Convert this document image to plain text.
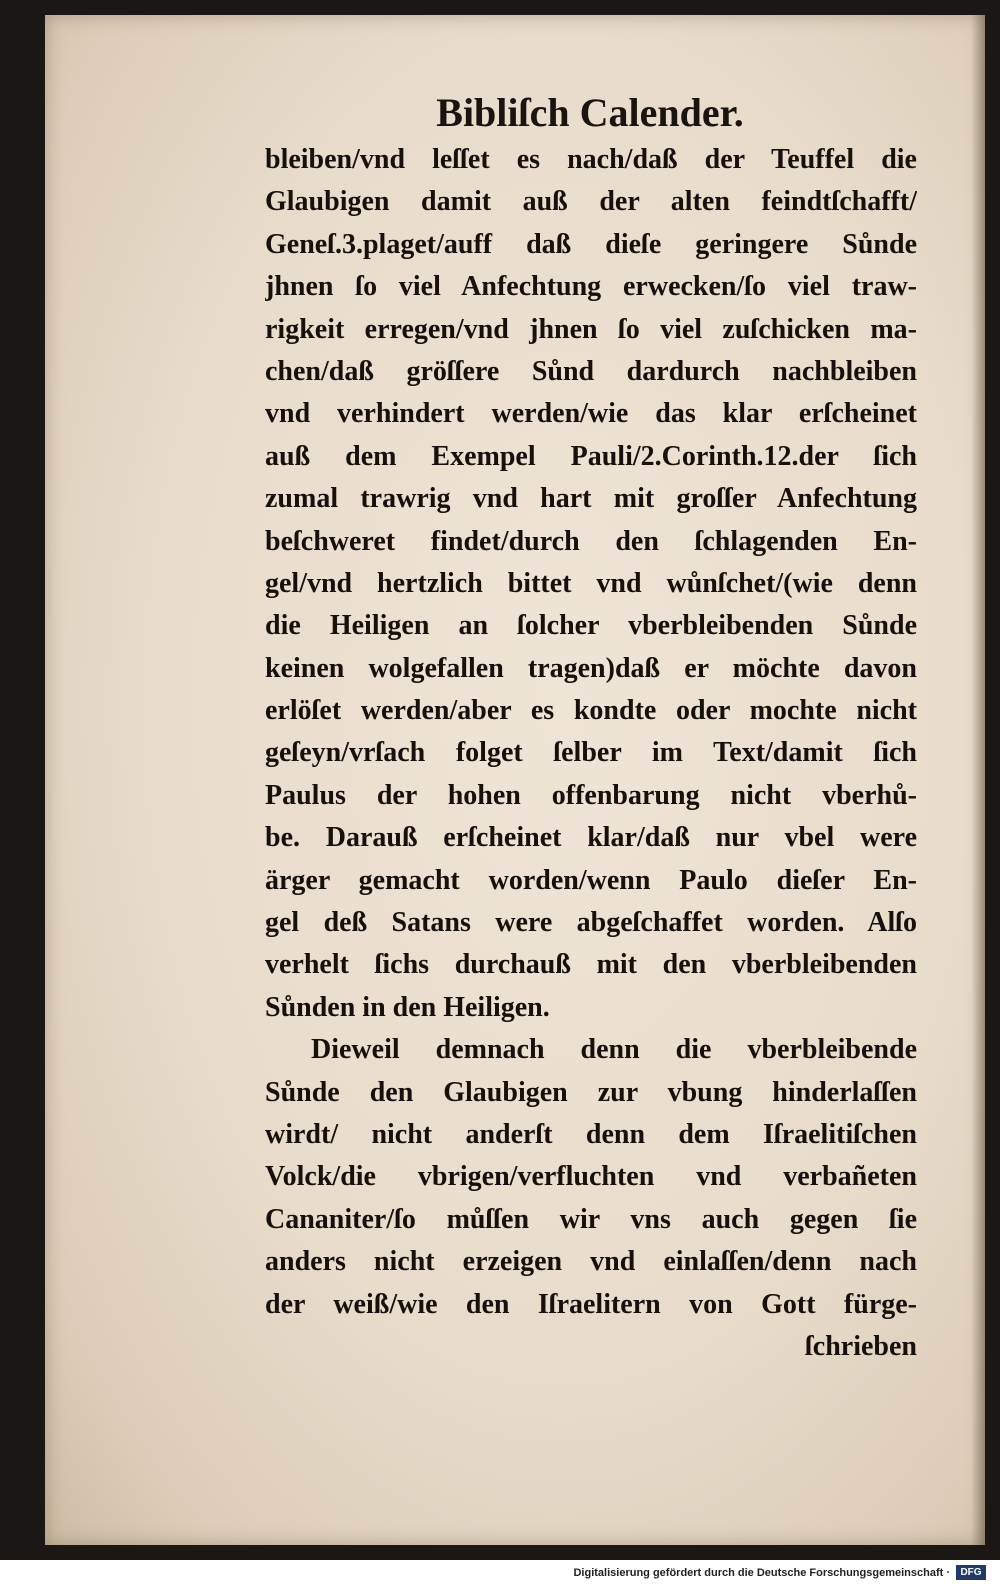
Bibliſch Calender.
bleiben/vnd leſſet es nach/daß der Teuffel die
Glaubigen damit auß der alten feindtſchafft/
Geneſ.3.plaget/auff daß dieſe geringere Sůnde
jhnen ſo viel Anfechtung erwecken/ſo viel traw-
rigkeit erregen/vnd jhnen ſo viel zuſchicken ma-
chen/daß gröſſere Sůnd dardurch nachbleiben
vnd verhindert werden/wie das klar erſcheinet
auß dem Exempel Pauli/2.Corinth.12.der ſich
zumal trawrig vnd hart mit groſſer Anfechtung
beſchweret findet/durch den ſchlagenden En-
gel/vnd hertzlich bittet vnd wůnſchet/(wie denn
die Heiligen an ſolcher vberbleibenden Sůnde
keinen wolgefallen tragen)daß er möchte davon
erlöſet werden/aber es kondte oder mochte nicht
geſeyn/vrſach folget ſelber im Text/damit ſich
Paulus der hohen offenbarung nicht vberhů-
be. Darauß erſcheinet klar/daß nur vbel were
ärger gemacht worden/wenn Paulo dieſer En-
gel deß Satans were abgeſchaffet worden. Alſo
verhelt ſichs durchauß mit den vberbleibenden
Sůnden in den Heiligen.
Dieweil demnach denn die vberbleibende
Sůnde den Glaubigen zur vbung hinderlaſſen
wirdt/ nicht anderſt denn dem Iſraelitiſchen
Volck/die vbrigen/verfluchten vnd verbañeten
Cananiter/ſo můſſen wir vns auch gegen ſie
anders nicht erzeigen vnd einlaſſen/denn nach
der weiß/wie den Iſraelitern von Gott fürge-
ſchrieben
Digitalisierung gefördert durch die Deutsche Forschungsgemeinschaft ·	DFG
